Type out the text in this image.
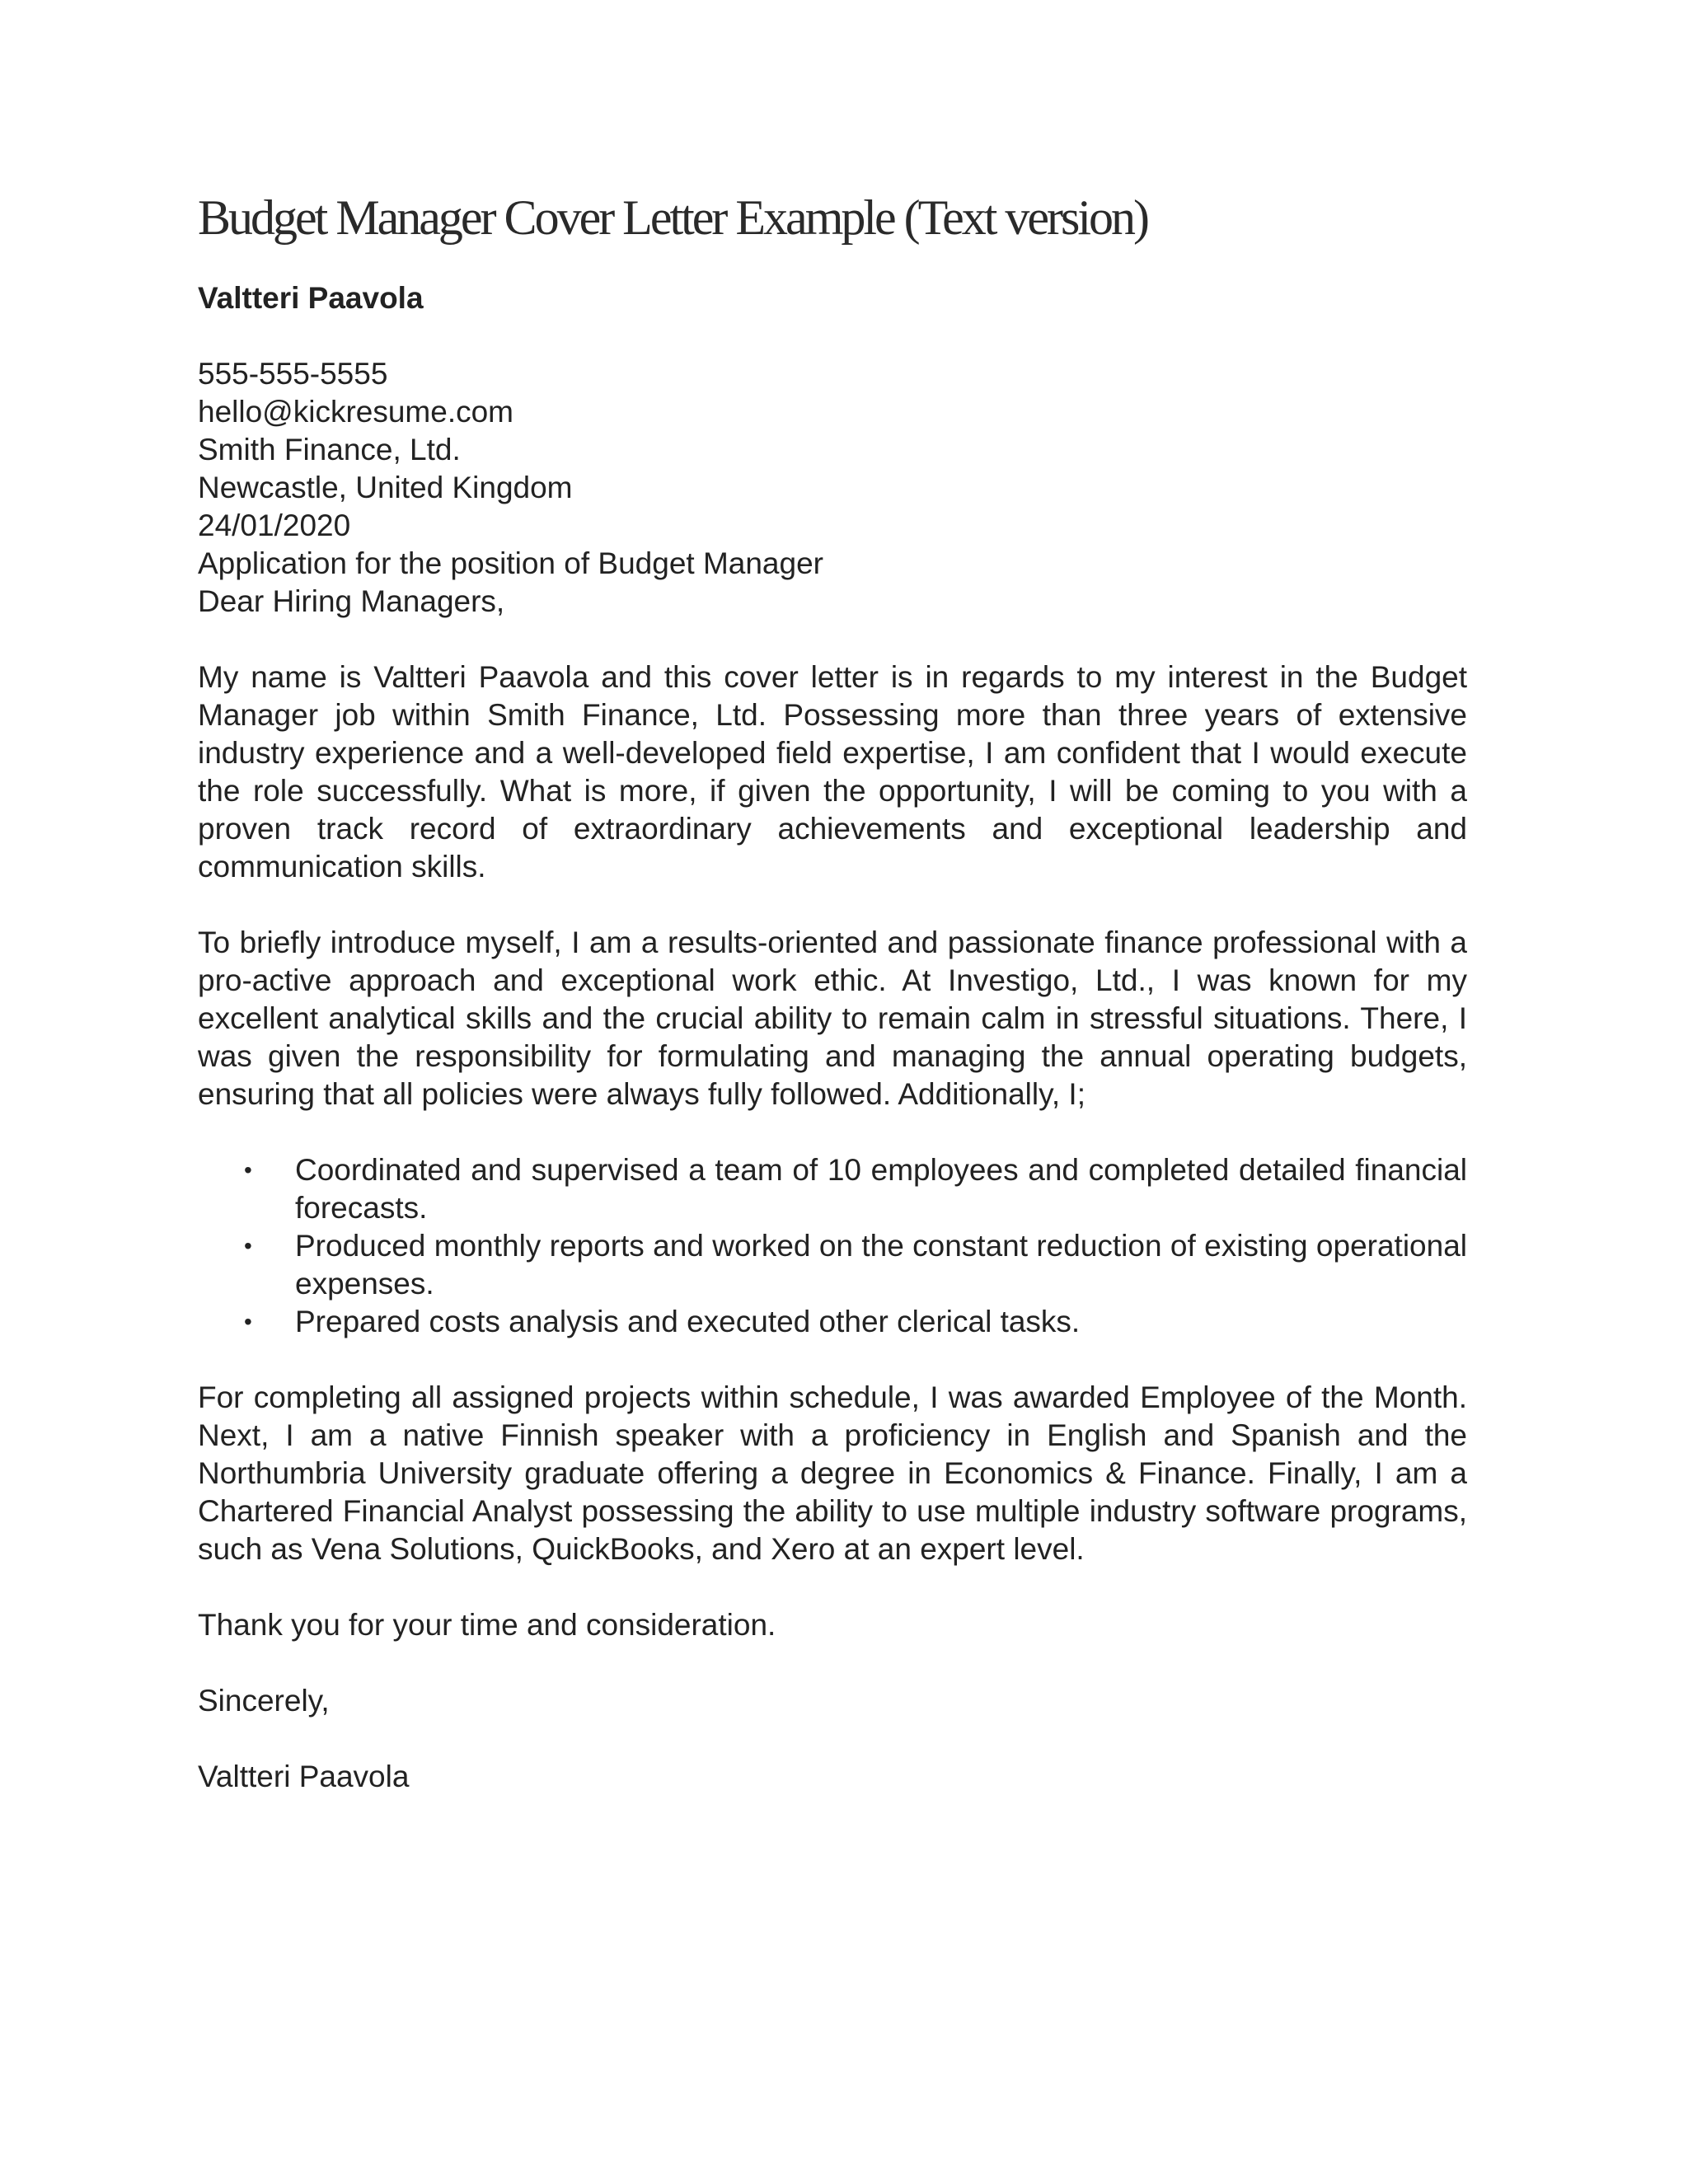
Budget Manager Cover Letter Example (Text version)
Valtteri Paavola
555-555-5555
hello@kickresume.com
Smith Finance, Ltd.
Newcastle, United Kingdom
24/01/2020
Application for the position of Budget Manager
Dear Hiring Managers,

My name is Valtteri Paavola and this cover letter is in regards to my interest in the Budget Manager job within Smith Finance, Ltd. Possessing more than three years of extensive industry experience and a well-developed field expertise, I am confident that I would execute the role successfully. What is more, if given the opportunity, I will be coming to you with a proven track record of extraordinary achievements and exceptional leadership and communication skills.

To briefly introduce myself, I am a results-oriented and passionate finance professional with a pro-active approach and exceptional work ethic. At Investigo, Ltd., I was known for my excellent analytical skills and the crucial ability to remain calm in stressful situations. There, I was given the responsibility for formulating and managing the annual operating budgets, ensuring that all policies were always fully followed. Additionally, I;

• Coordinated and supervised a team of 10 employees and completed detailed financial forecasts.
• Produced monthly reports and worked on the constant reduction of existing operational expenses.
• Prepared costs analysis and executed other clerical tasks.

For completing all assigned projects within schedule, I was awarded Employee of the Month. Next, I am a native Finnish speaker with a proficiency in English and Spanish and the Northumbria University graduate offering a degree in Economics & Finance. Finally, I am a Chartered Financial Analyst possessing the ability to use multiple industry software programs, such as Vena Solutions, QuickBooks, and Xero at an expert level.

Thank you for your time and consideration.
Sincerely,
Valtteri Paavola
